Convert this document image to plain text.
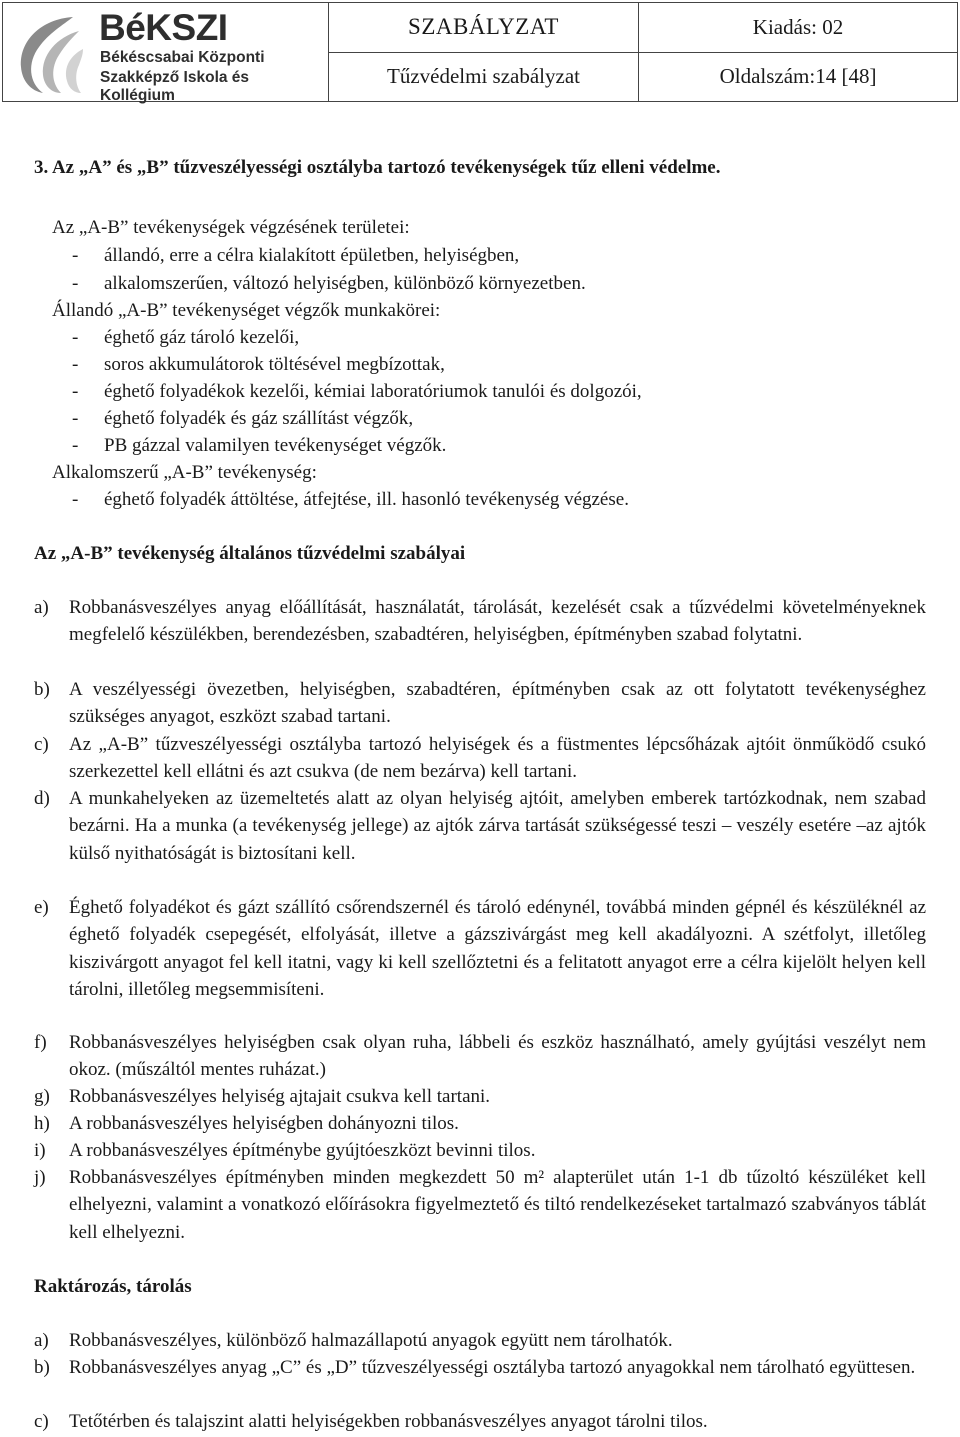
BéKSZI
Békéscsabai Központi
Szakképző Iskola és Kollégium
SZABÁLYZAT
Tűzvédelmi szabályzat
Kiadás: 02
Oldalszám:14 [48]
3. Az „A” és „B” tűzveszélyességi osztályba tartozó tevékenységek tűz elleni védelme.
Az „A-B” tevékenységek végzésének területei:
- állandó, erre a célra kialakított épületben, helyiségben,
- alkalomszerűen, változó helyiségben, különböző környezetben.
Állandó „A-B” tevékenységet végzők munkakörei:
- éghető gáz tároló kezelői,
- soros akkumulátorok töltésével megbízottak,
- éghető folyadékok kezelői, kémiai laboratóriumok tanulói és dolgozói,
- éghető folyadék és gáz szállítást végzők,
- PB gázzal valamilyen tevékenységet végzők.
Alkalomszerű „A-B” tevékenység:
- éghető folyadék áttöltése, átfejtése, ill. hasonló tevékenység végzése.
Az „A-B” tevékenység általános tűzvédelmi szabályai
a) Robbanásveszélyes anyag előállítását, használatát, tárolását, kezelését csak a tűzvédelmi követelményeknek megfelelő készülékben, berendezésben, szabadtéren, helyiségben, építményben szabad folytatni.
b) A veszélyességi övezetben, helyiségben, szabadtéren, építményben csak az ott folytatott tevékenységhez szükséges anyagot, eszközt szabad tartani.
c) Az „A-B” tűzveszélyességi osztályba tartozó helyiségek és a füstmentes lépcsőházak ajtóit önműködő csukó szerkezettel kell ellátni és azt csukva (de nem bezárva) kell tartani.
d) A munkahelyeken az üzemeltetés alatt az olyan helyiség ajtóit, amelyben emberek tartózkodnak, nem szabad bezárni. Ha a munka (a tevékenység jellege) az ajtók zárva tartását szükségessé teszi – veszély esetére –az ajtók külső nyithatóságát is biztosítani kell.
e) Éghető folyadékot és gázt szállító csőrendszernél és tároló edénynél, továbbá minden gépnél és készüléknél az éghető folyadék csepegését, elfolyását, illetve a gázszivárgást meg kell akadályozni. A szétfolyt, illetőleg kiszivárgott anyagot fel kell itatni, vagy ki kell szellőztetni és a felitatott anyagot erre a célra kijelölt helyen kell tárolni, illetőleg megsemmisíteni.
f) Robbanásveszélyes helyiségben csak olyan ruha, lábbeli és eszköz használható, amely gyújtási veszélyt nem okoz. (műszáltól mentes ruházat.)
g) Robbanásveszélyes helyiség ajtajait csukva kell tartani.
h) A robbanásveszélyes helyiségben dohányozni tilos.
i) A robbanásveszélyes építménybe gyújtóeszközt bevinni tilos.
j) Robbanásveszélyes építményben minden megkezdett 50 m² alapterület után 1-1 db tűzoltó készüléket kell elhelyezni, valamint a vonatkozó előírásokra figyelmeztető és tiltó rendelkezéseket tartalmazó szabványos táblát kell elhelyezni.
Raktározás, tárolás
a) Robbanásveszélyes, különböző halmazállapotú anyagok együtt nem tárolhatók.
b) Robbanásveszélyes anyag „C” és „D” tűzveszélyességi osztályba tartozó anyagokkal nem tárolható együttesen.
c) Tetőtérben és talajszint alatti helyiségekben robbanásveszélyes anyagot tárolni tilos.
